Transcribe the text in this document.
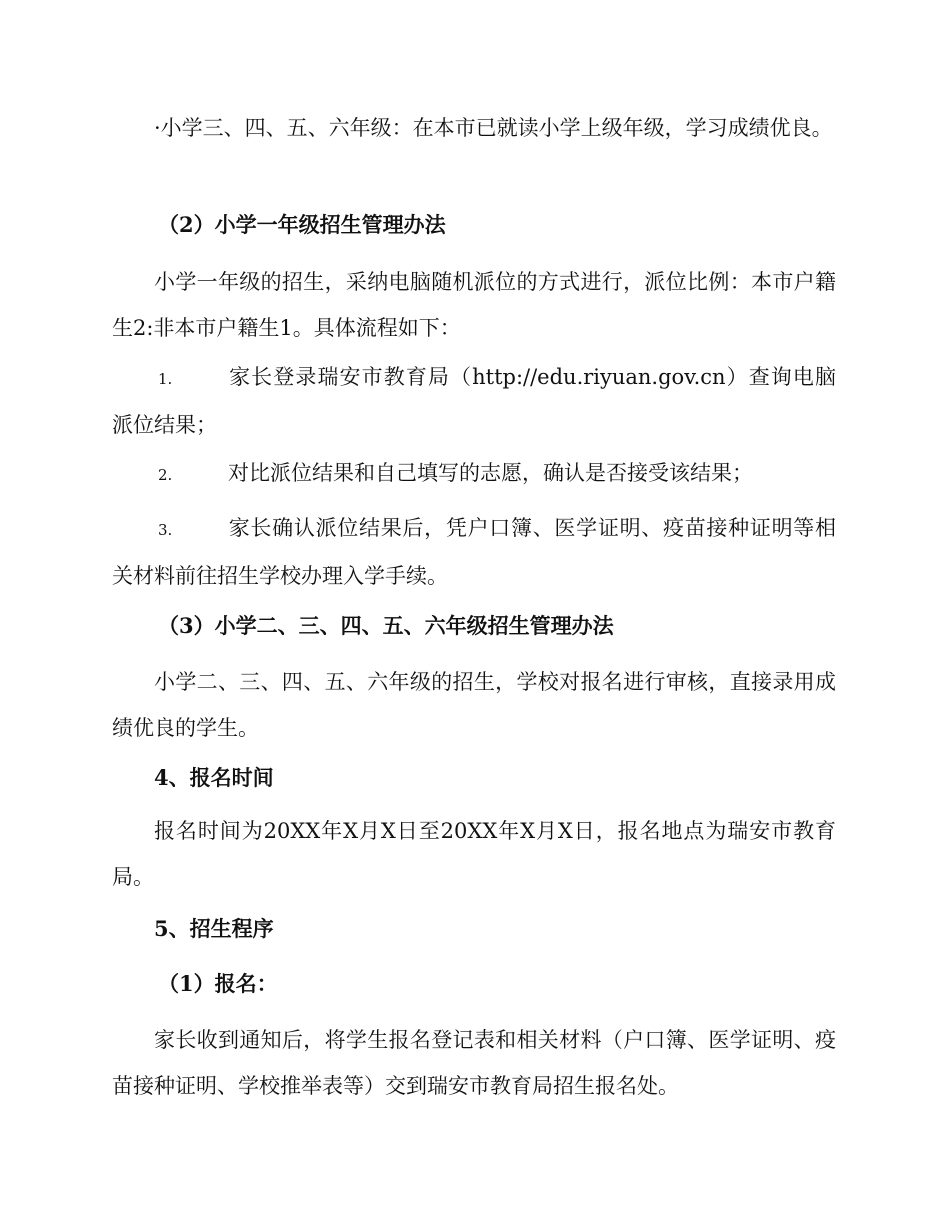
·小学三、四、五、六年级：在本市已就读小学上级年级，学习成绩优良。

（2）小学一年级招生管理办法

小学一年级的招生，采纳电脑随机派位的方式进行，派位比例：本市户籍生2:非本市户籍生1。具体流程如下：

1.	家长登录瑞安市教育局（http://edu.riyuan.gov.cn）查询电脑派位结果；
2.	对比派位结果和自己填写的志愿，确认是否接受该结果；
3.	家长确认派位结果后，凭户口簿、医学证明、疫苗接种证明等相关材料前往招生学校办理入学手续。

（3）小学二、三、四、五、六年级招生管理办法

小学二、三、四、五、六年级的招生，学校对报名进行审核，直接录用成绩优良的学生。

4、报名时间

报名时间为20XX年X月X日至20XX年X月X日，报名地点为瑞安市教育局。

5、招生程序

（1）报名：

家长收到通知后，将学生报名登记表和相关材料（户口簿、医学证明、疫苗接种证明、学校推举表等）交到瑞安市教育局招生报名处。
